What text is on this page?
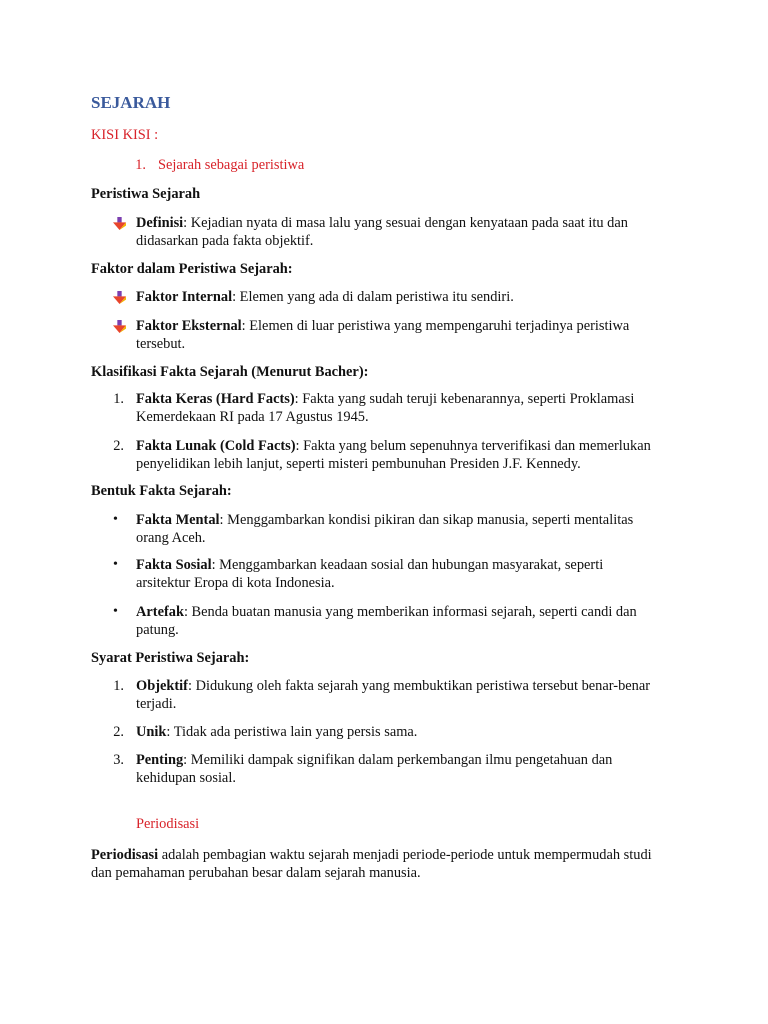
SEJARAH
KISI KISI :
1. Sejarah sebagai peristiwa
Peristiwa Sejarah
Definisi: Kejadian nyata di masa lalu yang sesuai dengan kenyataan pada saat itu dan
didasarkan pada fakta objektif.
Faktor dalam Peristiwa Sejarah:
Faktor Internal: Elemen yang ada di dalam peristiwa itu sendiri.
Faktor Eksternal: Elemen di luar peristiwa yang mempengaruhi terjadinya peristiwa
tersebut.
Klasifikasi Fakta Sejarah (Menurut Bacher):
1. Fakta Keras (Hard Facts): Fakta yang sudah teruji kebenarannya, seperti Proklamasi
Kemerdekaan RI pada 17 Agustus 1945.
2. Fakta Lunak (Cold Facts): Fakta yang belum sepenuhnya terverifikasi dan memerlukan
penyelidikan lebih lanjut, seperti misteri pembunuhan Presiden J.F. Kennedy.
Bentuk Fakta Sejarah:
• Fakta Mental: Menggambarkan kondisi pikiran dan sikap manusia, seperti mentalitas
orang Aceh.
• Fakta Sosial: Menggambarkan keadaan sosial dan hubungan masyarakat, seperti
arsitektur Eropa di kota Indonesia.
• Artefak: Benda buatan manusia yang memberikan informasi sejarah, seperti candi dan
patung.
Syarat Peristiwa Sejarah:
1. Objektif: Didukung oleh fakta sejarah yang membuktikan peristiwa tersebut benar-benar
terjadi.
2. Unik: Tidak ada peristiwa lain yang persis sama.
3. Penting: Memiliki dampak signifikan dalam perkembangan ilmu pengetahuan dan
kehidupan sosial.
Periodisasi
Periodisasi adalah pembagian waktu sejarah menjadi periode-periode untuk mempermudah studi
dan pemahaman perubahan besar dalam sejarah manusia.
